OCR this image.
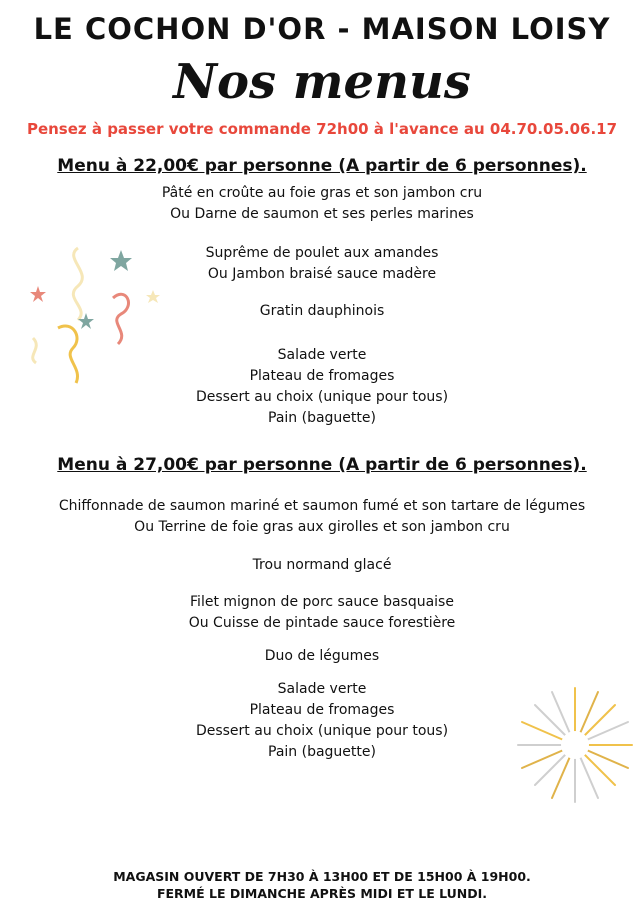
LE COCHON D'OR - MAISON LOISY
Nos menus
Pensez à passer votre commande 72h00 à l'avance au 04.70.05.06.17
Menu à 22,00€ par personne (A partir de 6 personnes).
Pâté en croûte au foie gras et son jambon cru
Ou Darne de saumon et ses perles marines
Suprême de poulet aux amandes
Ou Jambon braisé sauce madère
Gratin dauphinois
Salade verte
Plateau de fromages
Dessert au choix (unique pour tous)
Pain (baguette)
Menu à 27,00€ par personne (A partir de 6 personnes).
Chiffonnade de saumon mariné et saumon fumé et son tartare de légumes
Ou Terrine de foie gras aux girolles et son jambon cru
Trou normand glacé
Filet mignon de porc sauce basquaise
Ou Cuisse de pintade sauce forestière
Duo de légumes
Salade verte
Plateau de fromages
Dessert au choix (unique pour tous)
Pain (baguette)
MAGASIN OUVERT DE 7H30 À 13H00 ET DE 15H00 À 19H00.
FERMÉ LE DIMANCHE APRÈS MIDI ET LE LUNDI.
